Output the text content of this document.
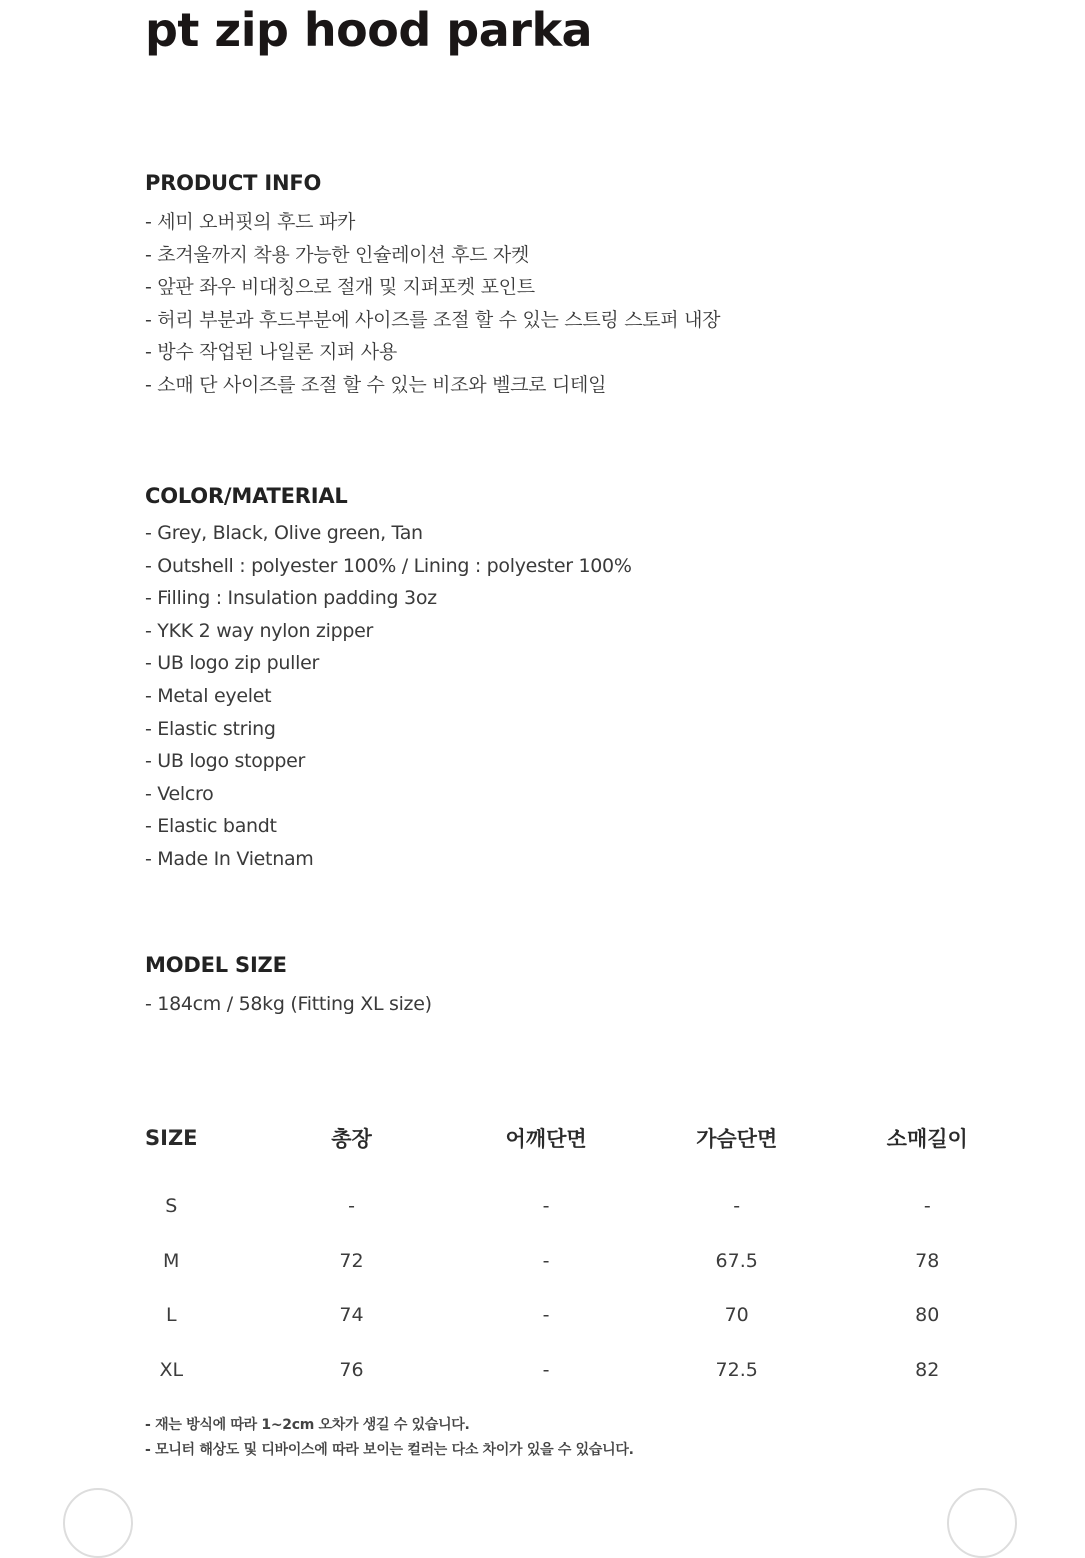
pt zip hood parka
PRODUCT INFO
- 세미 오버핏의 후드 파카
- 초겨울까지 착용 가능한 인슐레이션 후드 자켓
- 앞판 좌우 비대칭으로 절개 및 지퍼포켓 포인트
- 허리 부분과 후드부분에 사이즈를 조절 할 수 있는 스트링 스토퍼 내장
- 방수 작업된 나일론 지퍼 사용
- 소매 단 사이즈를 조절 할 수 있는 비조와 벨크로 디테일
COLOR/MATERIAL
- Grey, Black, Olive green, Tan
- Outshell : polyester 100% / Lining : polyester 100%
- Filling : Insulation padding 3oz
- YKK 2 way nylon zipper
- UB logo zip puller
- Metal eyelet
- Elastic string
- UB logo stopper
- Velcro
- Elastic bandt
- Made In Vietnam
MODEL SIZE
- 184cm / 58kg (Fitting XL size)
SIZE	총장	어깨단면	가슴단면	소매길이

S	-	-	-	-
M	72	-	67.5	78
L	74	-	70	80
XL	76	-	72.5	82
- 재는 방식에 따라 1~2cm 오차가 생길 수 있습니다.
- 모니터 해상도 및 디바이스에 따라 보이는 컬러는 다소 차이가 있을 수 있습니다.
